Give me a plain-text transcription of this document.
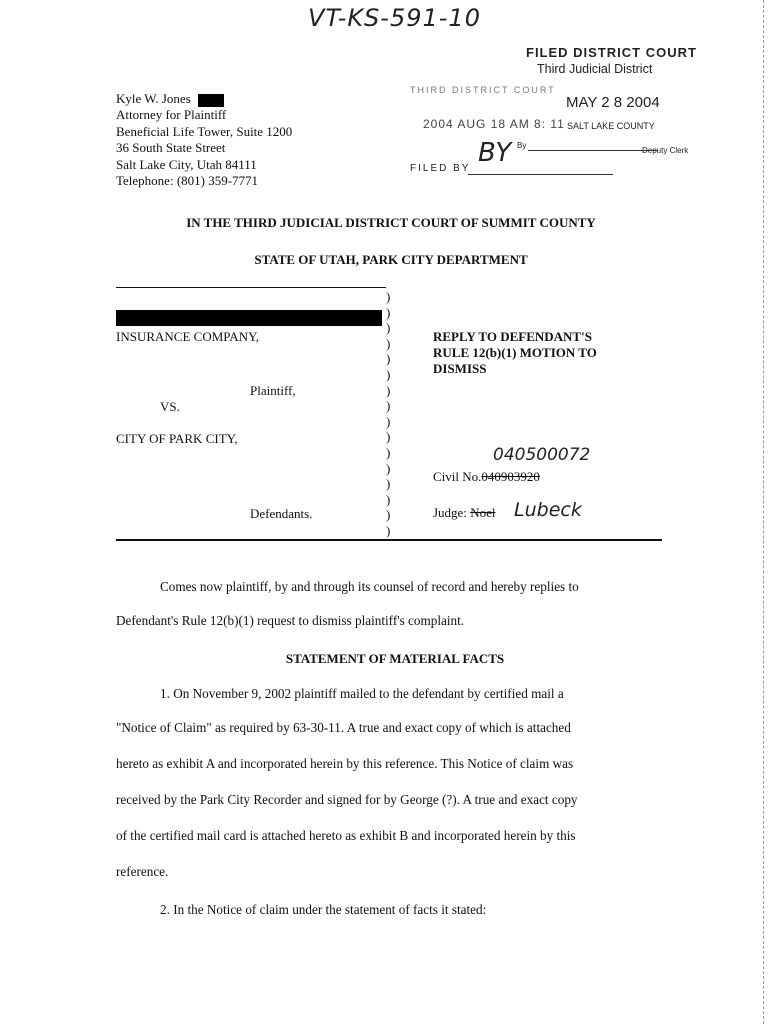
VT-KS-591-10
FILED DISTRICT COURT
Third Judicial District
THIRD DISTRICT COURT
MAY 2 8 2004
2004 AUG 18 AM 8: 11 SALT LAKE COUNTY
By
Deputy Clerk
FILED BY
BY
Kyle W. Jones
Attorney for Plaintiff
Beneficial Life Tower, Suite 1200
36 South State Street
Salt Lake City, Utah 84111
Telephone: (801) 359-7771
IN THE THIRD JUDICIAL DISTRICT COURT OF SUMMIT COUNTY
STATE OF UTAH, PARK CITY DEPARTMENT
INSURANCE COMPANY,
Plaintiff,
VS.
CITY OF PARK CITY,
Defendants.
)
)
)
)
)
)
)
)
)
)
)
)
)
)
)
)
REPLY TO DEFENDANT'S
RULE 12(b)(1) MOTION TO
DISMISS
040500072
Civil No.040903920
Judge: Noel Lubeck
Comes now plaintiff, by and through its counsel of record and hereby replies to
Defendant's Rule 12(b)(1) request to dismiss plaintiff's complaint.
STATEMENT OF MATERIAL FACTS
1. On November 9, 2002 plaintiff mailed to the defendant by certified mail a
"Notice of Claim" as required by 63-30-11. A true and exact copy of which is attached
hereto as exhibit A and incorporated herein by this reference. This Notice of claim was
received by the Park City Recorder and signed for by George (?). A true and exact copy
of the certified mail card is attached hereto as exhibit B and incorporated herein by this
reference.
2. In the Notice of claim under the statement of facts it stated:
